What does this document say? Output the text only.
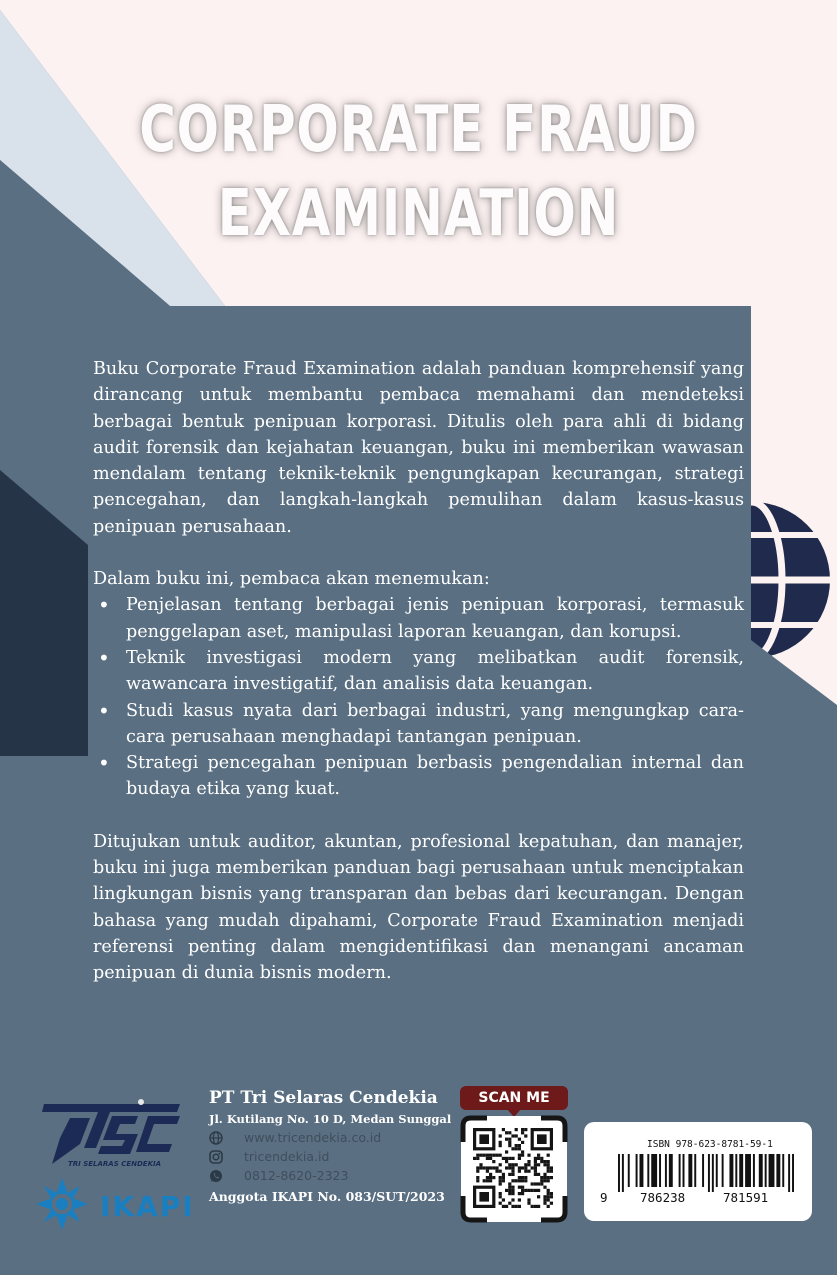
CORPORATE FRAUD
EXAMINATION

Buku Corporate Fraud Examination adalah panduan komprehensif yang dirancang untuk membantu pembaca memahami dan mendeteksi berbagai bentuk penipuan korporasi. Ditulis oleh para ahli di bidang audit forensik dan kejahatan keuangan, buku ini memberikan wawasan mendalam tentang teknik-teknik pengungkapan kecurangan, strategi pencegahan, dan langkah-langkah pemulihan dalam kasus-kasus penipuan perusahaan.

Dalam buku ini, pembaca akan menemukan:

• Penjelasan tentang berbagai jenis penipuan korporasi, termasuk penggelapan aset, manipulasi laporan keuangan, dan korupsi.
• Teknik investigasi modern yang melibatkan audit forensik, wawancara investigatif, dan analisis data keuangan.
• Studi kasus nyata dari berbagai industri, yang mengungkap cara-cara perusahaan menghadapi tantangan penipuan.
• Strategi pencegahan penipuan berbasis pengendalian internal dan budaya etika yang kuat.

Ditujukan untuk auditor, akuntan, profesional kepatuhan, dan manajer, buku ini juga memberikan panduan bagi perusahaan untuk menciptakan lingkungan bisnis yang transparan dan bebas dari kecurangan. Dengan bahasa yang mudah dipahami, Corporate Fraud Examination menjadi referensi penting dalam mengidentifikasi dan menangani ancaman penipuan di dunia bisnis modern.

TRI SELARAS CENDEKIA
IKAPI
PT Tri Selaras Cendekia
Jl. Kutilang No. 10 D, Medan Sunggal
www.tricendekia.co.id
tricendekia.id
0812-8620-2323
Anggota IKAPI No. 083/SUT/2023
SCAN ME
ISBN 978-623-8781-59-1
9	786238	781591
